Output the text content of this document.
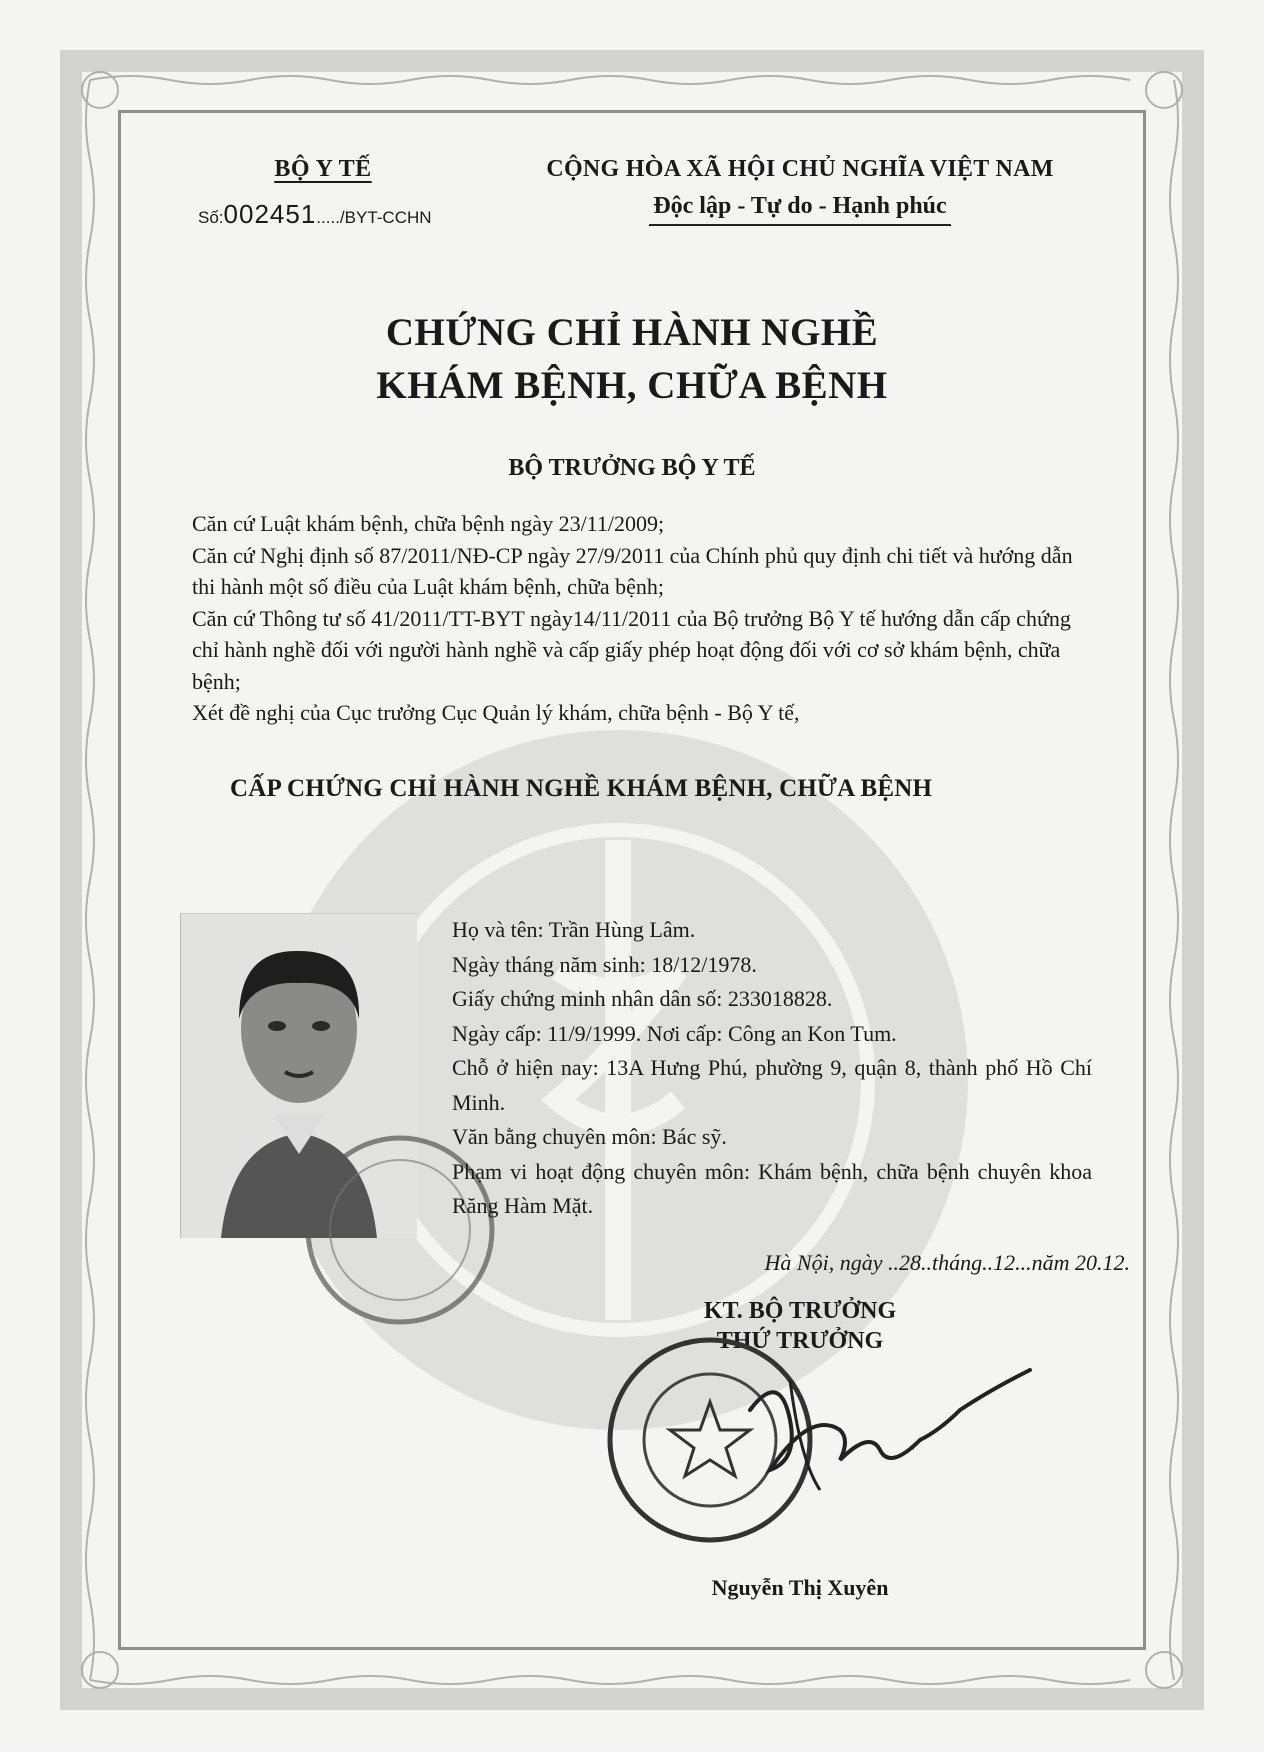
BỘ Y TẾ
Số:002451...../BYT-CCHN
CỘNG HÒA XÃ HỘI CHỦ NGHĨA VIỆT NAM
Độc lập - Tự do - Hạnh phúc
CHỨNG CHỈ HÀNH NGHỀ
KHÁM BỆNH, CHỮA BỆNH
BỘ TRƯỞNG BỘ Y TẾ

Căn cứ Luật khám bệnh, chữa bệnh ngày 23/11/2009;

Căn cứ Nghị định số 87/2011/NĐ-CP ngày 27/9/2011 của Chính phủ quy định chi tiết và hướng dẫn thi hành một số điều của Luật khám bệnh, chữa bệnh;

Căn cứ Thông tư số 41/2011/TT-BYT ngày14/11/2011 của Bộ trưởng Bộ Y tế hướng dẫn cấp chứng chỉ hành nghề đối với người hành nghề và cấp giấy phép hoạt động đối với cơ sở khám bệnh, chữa bệnh;

Xét đề nghị của Cục trưởng Cục Quản lý khám, chữa bệnh - Bộ Y tế,

CẤP CHỨNG CHỈ HÀNH NGHỀ KHÁM BỆNH, CHỮA BỆNH

Họ và tên: Trần Hùng Lâm.

Ngày tháng năm sinh: 18/12/1978.

Giấy chứng minh nhân dân số: 233018828.

Ngày cấp: 11/9/1999. Nơi cấp: Công an Kon Tum.

Chỗ ở hiện nay: 13A Hưng Phú, phường 9, quận 8, thành phố Hồ Chí Minh.

Văn bằng chuyên môn: Bác sỹ.

Phạm vi hoạt động chuyên môn: Khám bệnh, chữa bệnh chuyên khoa Răng Hàm Mặt.

Hà Nội, ngày ..28..tháng..12...năm 20.12.
KT. BỘ TRƯỞNG
THỨ TRƯỞNG
Nguyễn Thị Xuyên
